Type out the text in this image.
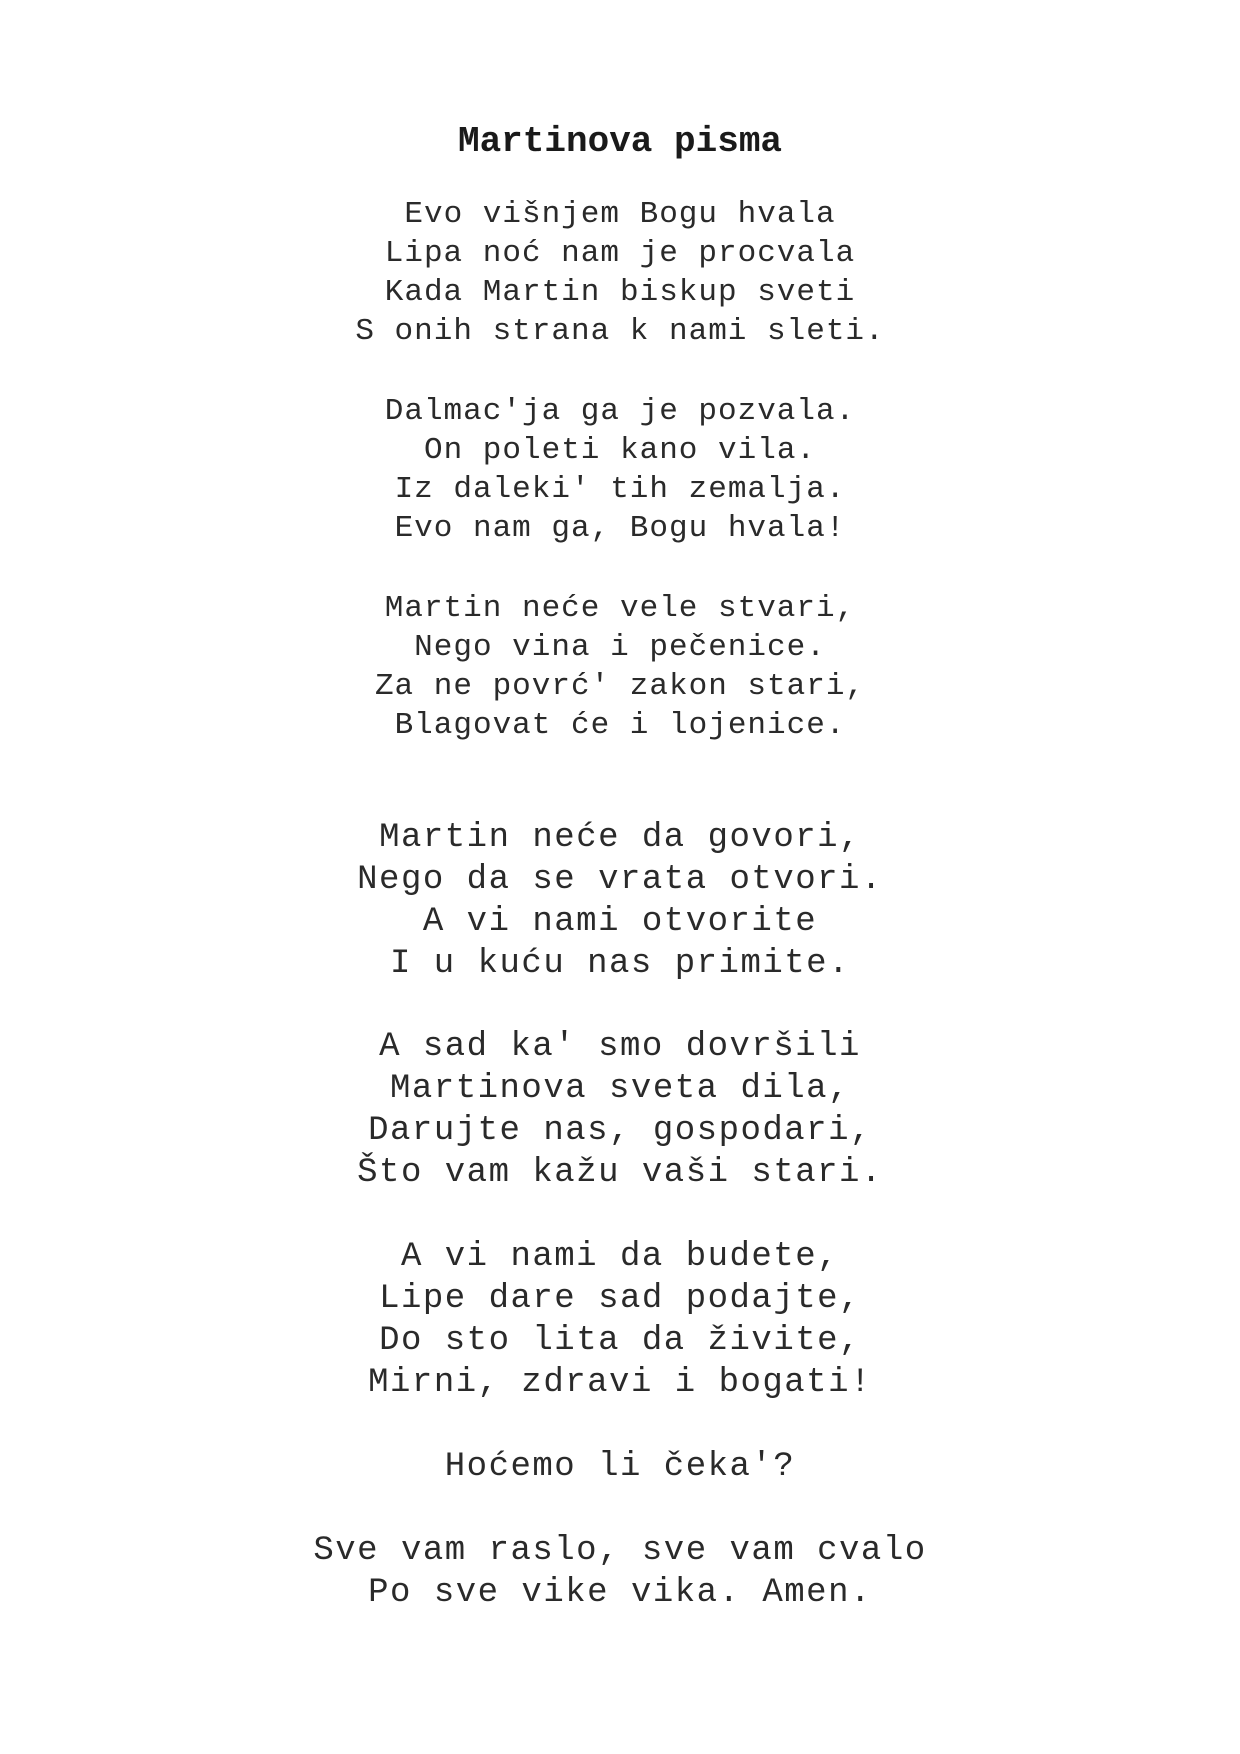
Martinova pisma
Evo višnjem Bogu hvala
Lipa noć nam je procvala
Kada Martin biskup sveti
S onih strana k nami sleti.
Dalmac'ja ga je pozvala.
On poleti kano vila.
Iz daleki' tih zemalja.
Evo nam ga, Bogu hvala!
Martin neće vele stvari,
Nego vina i pečenice.
Za ne povrć' zakon stari,
Blagovat će i lojenice.
Martin neće da govori,
Nego da se vrata otvori.
A vi nami otvorite
I u kuću nas primite.
A sad ka' smo dovršili
Martinova sveta dila,
Darujte nas, gospodari,
Što vam kažu vaši stari.
A vi nami da budete,
Lipe dare sad podajte,
Do sto lita da živite,
Mirni, zdravi i bogati!
Hoćemo li čeka'?
Sve vam raslo, sve vam cvalo
Po sve vike vika. Amen.
